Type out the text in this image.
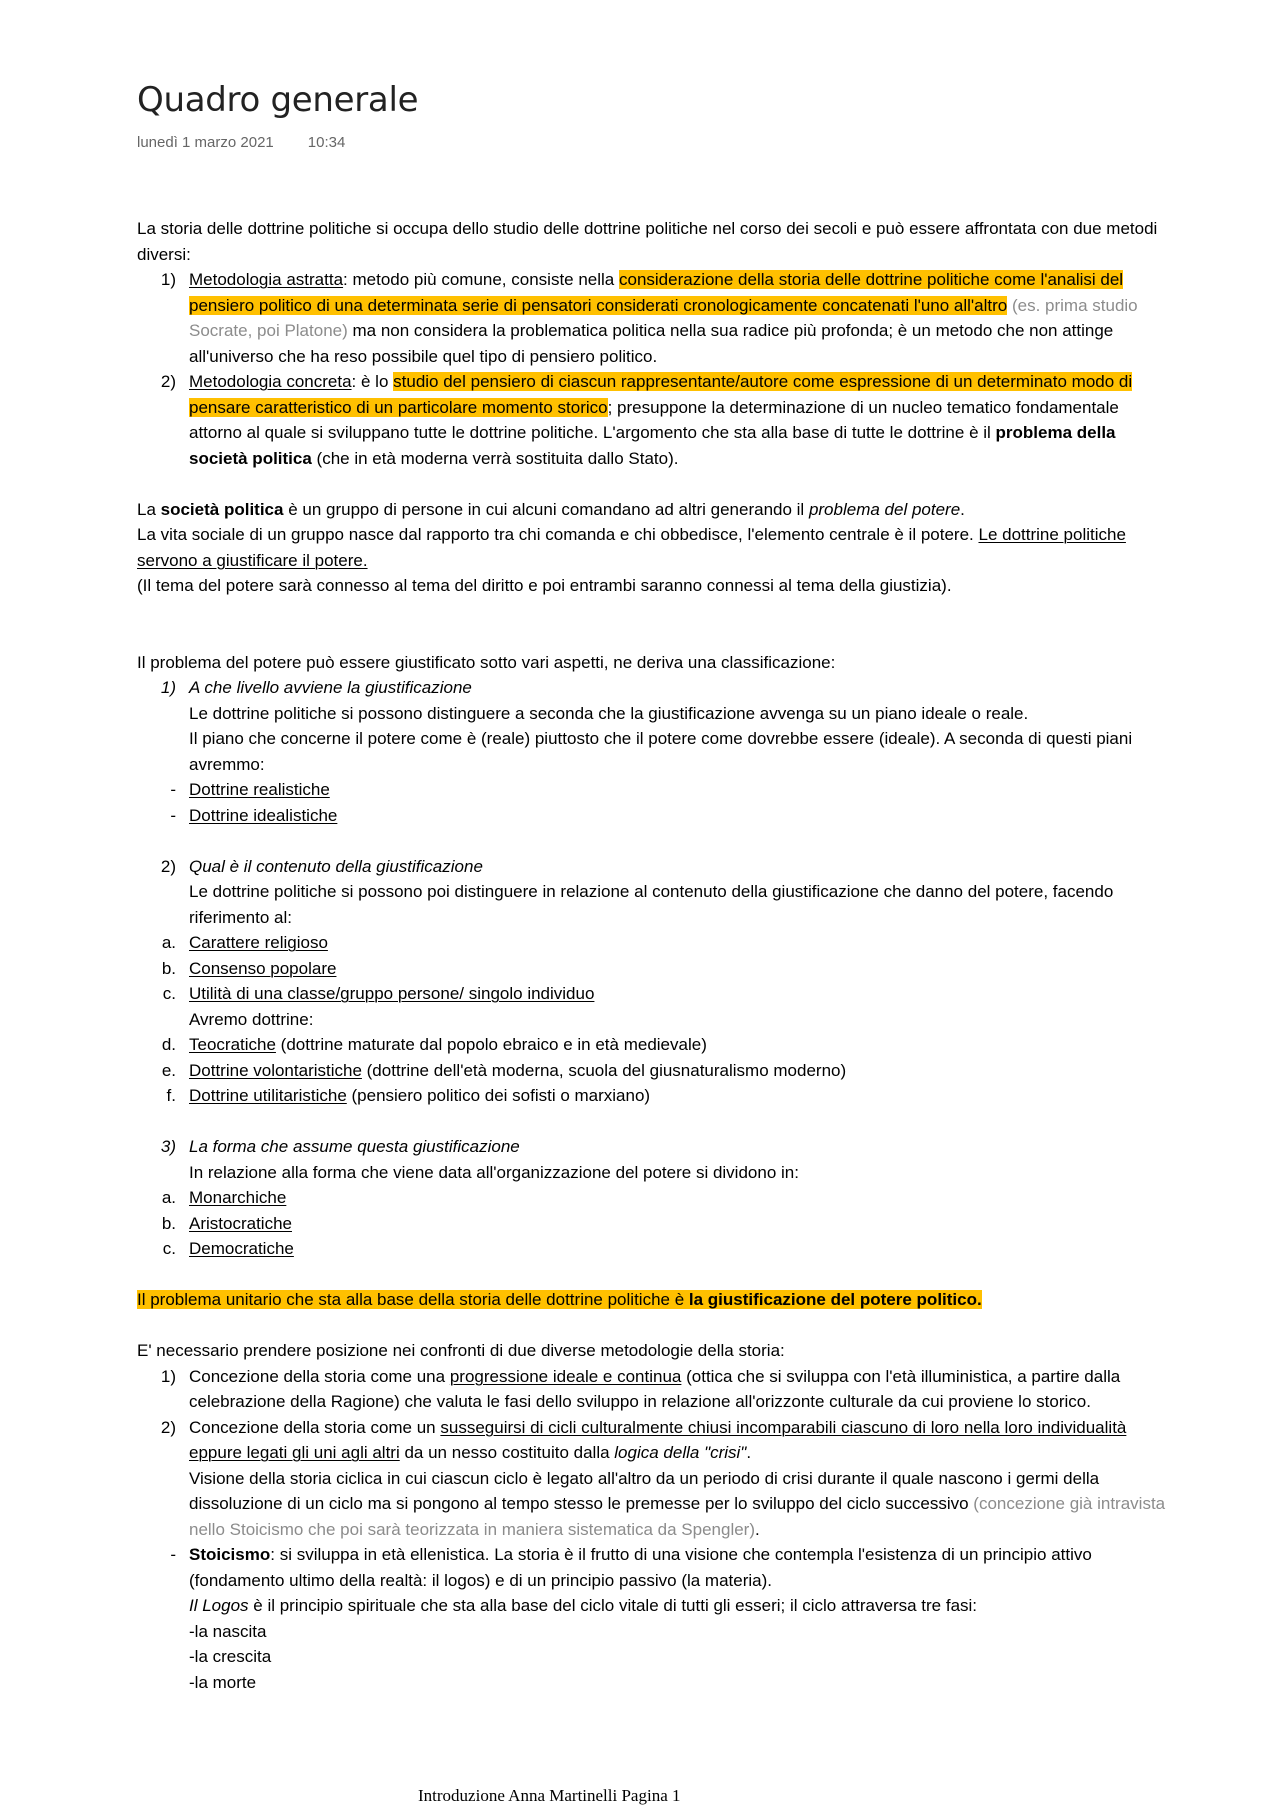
Quadro generale
lunedì 1 marzo 2021 10:34

La storia delle dottrine politiche si occupa dello studio delle dottrine politiche nel corso dei secoli e può essere affrontata con due metodi diversi:

1) Metodologia astratta: metodo più comune, consiste nella considerazione della storia delle dottrine politiche come l'analisi del pensiero politico di una determinata serie di pensatori considerati cronologicamente concatenati l'uno all'altro (es. prima studio Socrate, poi Platone) ma non considera la problematica politica nella sua radice più profonda; è un metodo che non attinge all'universo che ha reso possibile quel tipo di pensiero politico.
2) Metodologia concreta: è lo studio del pensiero di ciascun rappresentante/autore come espressione di un determinato modo di pensare caratteristico di un particolare momento storico; presuppone la determinazione di un nucleo tematico fondamentale attorno al quale si sviluppano tutte le dottrine politiche. L'argomento che sta alla base di tutte le dottrine è il problema della società politica (che in età moderna verrà sostituita dallo Stato).

La società politica è un gruppo di persone in cui alcuni comandano ad altri generando il problema del potere.

La vita sociale di un gruppo nasce dal rapporto tra chi comanda e chi obbedisce, l'elemento centrale è il potere. Le dottrine politiche servono a giustificare il potere.

(Il tema del potere sarà connesso al tema del diritto e poi entrambi saranno connessi al tema della giustizia).

Il problema del potere può essere giustificato sotto vari aspetti, ne deriva una classificazione:

1) A che livello avviene la giustificazione

Le dottrine politiche si possono distinguere a seconda che la giustificazione avvenga su un piano ideale o reale.

Il piano che concerne il potere come è (reale) piuttosto che il potere come dovrebbe essere (ideale). A seconda di questi piani avremmo:

- Dottrine realistiche
- Dottrine idealistiche
2) Qual è il contenuto della giustificazione

Le dottrine politiche si possono poi distinguere in relazione al contenuto della giustificazione che danno del potere, facendo riferimento al:

a. Carattere religioso
b. Consenso popolare
c. Utilità di una classe/gruppo persone/ singolo individuo

Avremo dottrine:

d. Teocratiche (dottrine maturate dal popolo ebraico e in età medievale)
e. Dottrine volontaristiche (dottrine dell'età moderna, scuola del giusnaturalismo moderno)
f. Dottrine utilitaristiche (pensiero politico dei sofisti o marxiano)
3) La forma che assume questa giustificazione

In relazione alla forma che viene data all'organizzazione del potere si dividono in:

a. Monarchiche
b. Aristocratiche
c. Democratiche

Il problema unitario che sta alla base della storia delle dottrine politiche è la giustificazione del potere politico.

E' necessario prendere posizione nei confronti di due diverse metodologie della storia:

1) Concezione della storia come una progressione ideale e continua (ottica che si sviluppa con l'età illuministica, a partire dalla celebrazione della Ragione) che valuta le fasi dello sviluppo in relazione all'orizzonte culturale da cui proviene lo storico.
2) Concezione della storia come un susseguirsi di cicli culturalmente chiusi incomparabili ciascuno di loro nella loro individualità eppure legati gli uni agli altri da un nesso costituito dalla logica della "crisi".

Visione della storia ciclica in cui ciascun ciclo è legato all'altro da un periodo di crisi durante il quale nascono i germi della dissoluzione di un ciclo ma si pongono al tempo stesso le premesse per lo sviluppo del ciclo successivo (concezione già intravista nello Stoicismo che poi sarà teorizzata in maniera sistematica da Spengler).

- Stoicismo: si sviluppa in età ellenistica. La storia è il frutto di una visione che contempla l'esistenza di un principio attivo (fondamento ultimo della realtà: il logos) e di un principio passivo (la materia).

Il Logos è il principio spirituale che sta alla base del ciclo vitale di tutti gli esseri; il ciclo attraversa tre fasi:

-la nascita

-la crescita

-la morte

Introduzione Anna Martinelli Pagina 1
